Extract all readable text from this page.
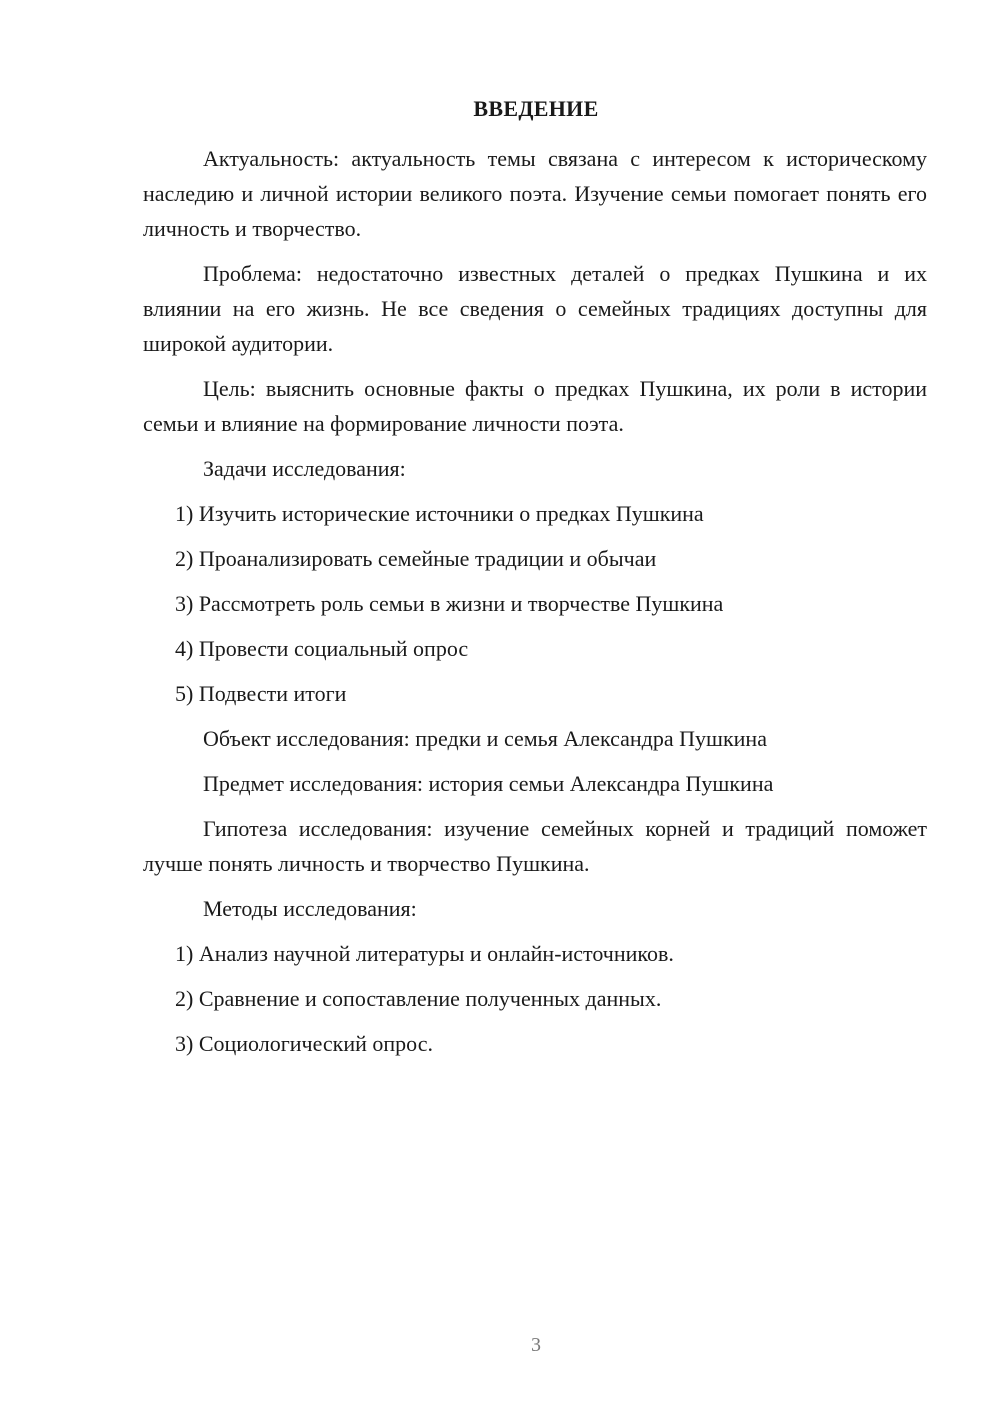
ВВЕДЕНИЕ

Актуальность: актуальность темы связана с интересом к историческому наследию и личной истории великого поэта. Изучение семьи помогает понять его личность и творчество.

Проблема: недостаточно известных деталей о предках Пушкина и их влиянии на его жизнь. Не все сведения о семейных традициях доступны для широкой аудитории.

Цель: выяснить основные факты о предках Пушкина, их роли в истории семьи и влияние на формирование личности поэта.

Задачи исследования:
1) Изучить исторические источники о предках Пушкина
2) Проанализировать семейные традиции и обычаи
3) Рассмотреть роль семьи в жизни и творчестве Пушкина
4) Провести социальный опрос
5) Подвести итоги
Объект исследования: предки и семья Александра Пушкина
Предмет исследования: история семьи Александра Пушкина

Гипотеза исследования: изучение семейных корней и традиций поможет лучше понять личность и творчество Пушкина.

Методы исследования:
1) Анализ научной литературы и онлайн-источников.
2) Сравнение и сопоставление полученных данных.
3) Социологический опрос.
3
